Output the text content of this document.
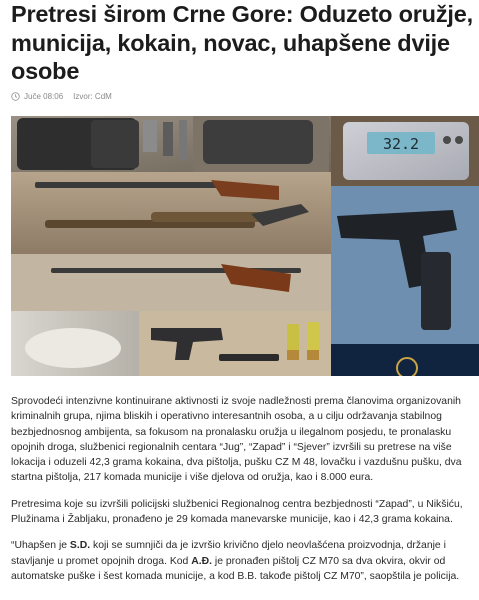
Pretresi širom Crne Gore: Oduzeto oružje, municija, kokain, novac, uhapšene dvije osobe
Juče 08:06 Izvor: CdM
32.2

Sprovodeći intenzivne kontinuirane aktivnosti iz svoje nadležnosti prema članovima organizovanih kriminalnih grupa, njima bliskih i operativno interesantnih osoba, a u cilju održavanja stabilnog bezbjednosnog ambijenta, sa fokusom na pronalasku oružja u ilegalnom posjedu, te pronalasku opojnih droga, službenici regionalnih centara “Jug”, “Zapad” i “Sjever” izvršili su pretrese na više lokacija i oduzeli 42,3 grama kokaina, dva pištolja, pušku CZ M 48, lovačku i vazdušnu pušku, dva startna pištolja, 217 komada municije i više djelova od oružja, kao i 8.000 eura.

Pretresima koje su izvršili policijski službenici Regionalnog centra bezbjednosti “Zapad”, u Nikšiću, Plužinama i Žabljaku, pronađeno je 29 komada manevarske municije, kao i 42,3 grama kokaina.

“Uhapšen je S.D. koji se sumnjiči da je izvršio krivično djelo neovlašćena proizvodnja, držanje i stavljanje u promet opojnih droga. Kod A.Đ. je pronađen pištolj CZ M70 sa dva okvira, okvir od automatske puške i šest komada municije, a kod B.B. takođe pištolj CZ M70”, saopštila je policija.
